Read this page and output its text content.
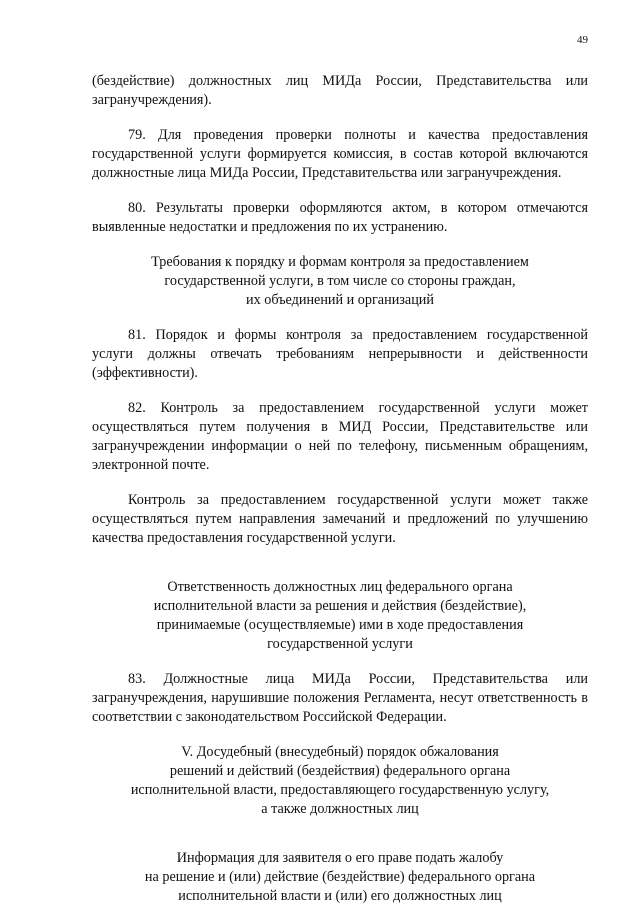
49

(бездействие) должностных лиц МИДа России, Представительства или загранучреждения).

79. Для проведения проверки полноты и качества предоставления государственной услуги формируется комиссия, в состав которой включаются должностные лица МИДа России, Представительства или загранучреждения.

80. Результаты проверки оформляются актом, в котором отмечаются выявленные недостатки и предложения по их устранению.

Требования к порядку и формам контроля за предоставлением
государственной услуги, в том числе со стороны граждан,
их объединений и организаций

81. Порядок и формы контроля за предоставлением государственной услуги должны отвечать требованиям непрерывности и действенности (эффективности).

82. Контроль за предоставлением государственной услуги может осуществляться путем получения в МИД России, Представительстве или загранучреждении информации о ней по телефону, письменным обращениям, электронной почте.

Контроль за предоставлением государственной услуги может также осуществляться путем направления замечаний и предложений по улучшению качества предоставления государственной услуги.

Ответственность должностных лиц федерального органа
исполнительной власти за решения и действия (бездействие),
принимаемые (осуществляемые) ими в ходе предоставления
государственной услуги

83. Должностные лица МИДа России, Представительства или загранучреждения, нарушившие положения Регламента, несут ответственность в соответствии с законодательством Российской Федерации.

V. Досудебный (внесудебный) порядок обжалования
решений и действий (бездействия) федерального органа
исполнительной власти, предоставляющего государственную услугу,
а также должностных лиц
Информация для заявителя о его праве подать жалобу
на решение и (или) действие (бездействие) федерального органа
исполнительной власти и (или) его должностных лиц
